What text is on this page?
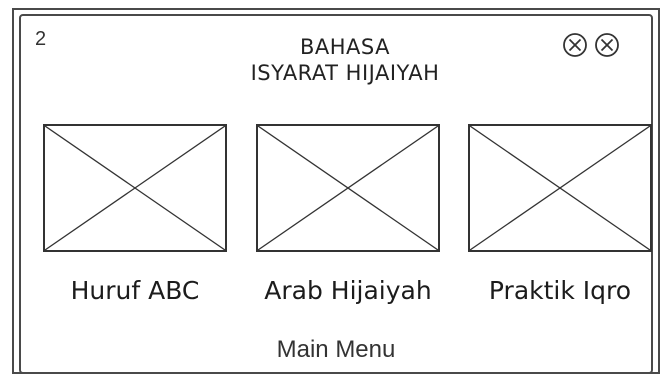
2	BAHASA
ISYARAT HIJAIYAH
Huruf ABC	Arab Hijaiyah	Praktik Iqro
Main Menu
